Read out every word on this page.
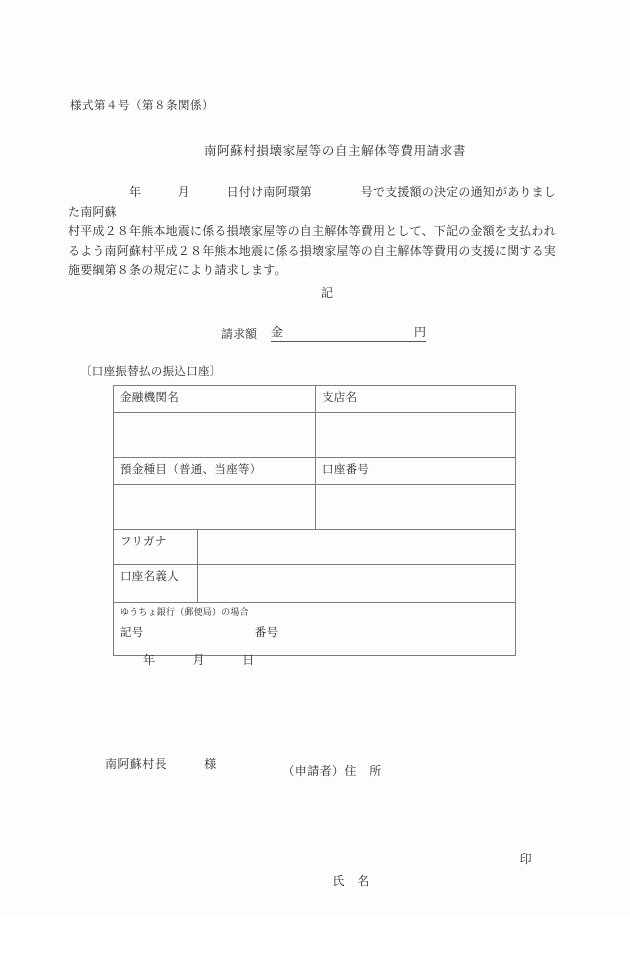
様式第４号（第８条関係）
南阿蘇村損壊家屋等の自主解体等費用請求書
　　　　　年　　　月　　　日付け南阿環第　　　　号で支援額の決定の通知がありました南阿蘇
村平成２８年熊本地震に係る損壊家屋等の自主解体等費用として、下記の金額を支払われ
るよう南阿蘇村平成２８年熊本地震に係る損壊家屋等の自主解体等費用の支援に関する実
施要綱第８条の規定により請求します。
記
請求額 金	円
〔口座振替払の振込口座〕
金融機関名		支店名

預金種目（普通、当座等）		口座番号

フリガナ		
口座名義人		

ゆうちょ銀行（郵便局）の場合
記号 番号		
年　　　月　　　日

（申請者）住　所

氏　名

印

南阿蘇村長　　　様
